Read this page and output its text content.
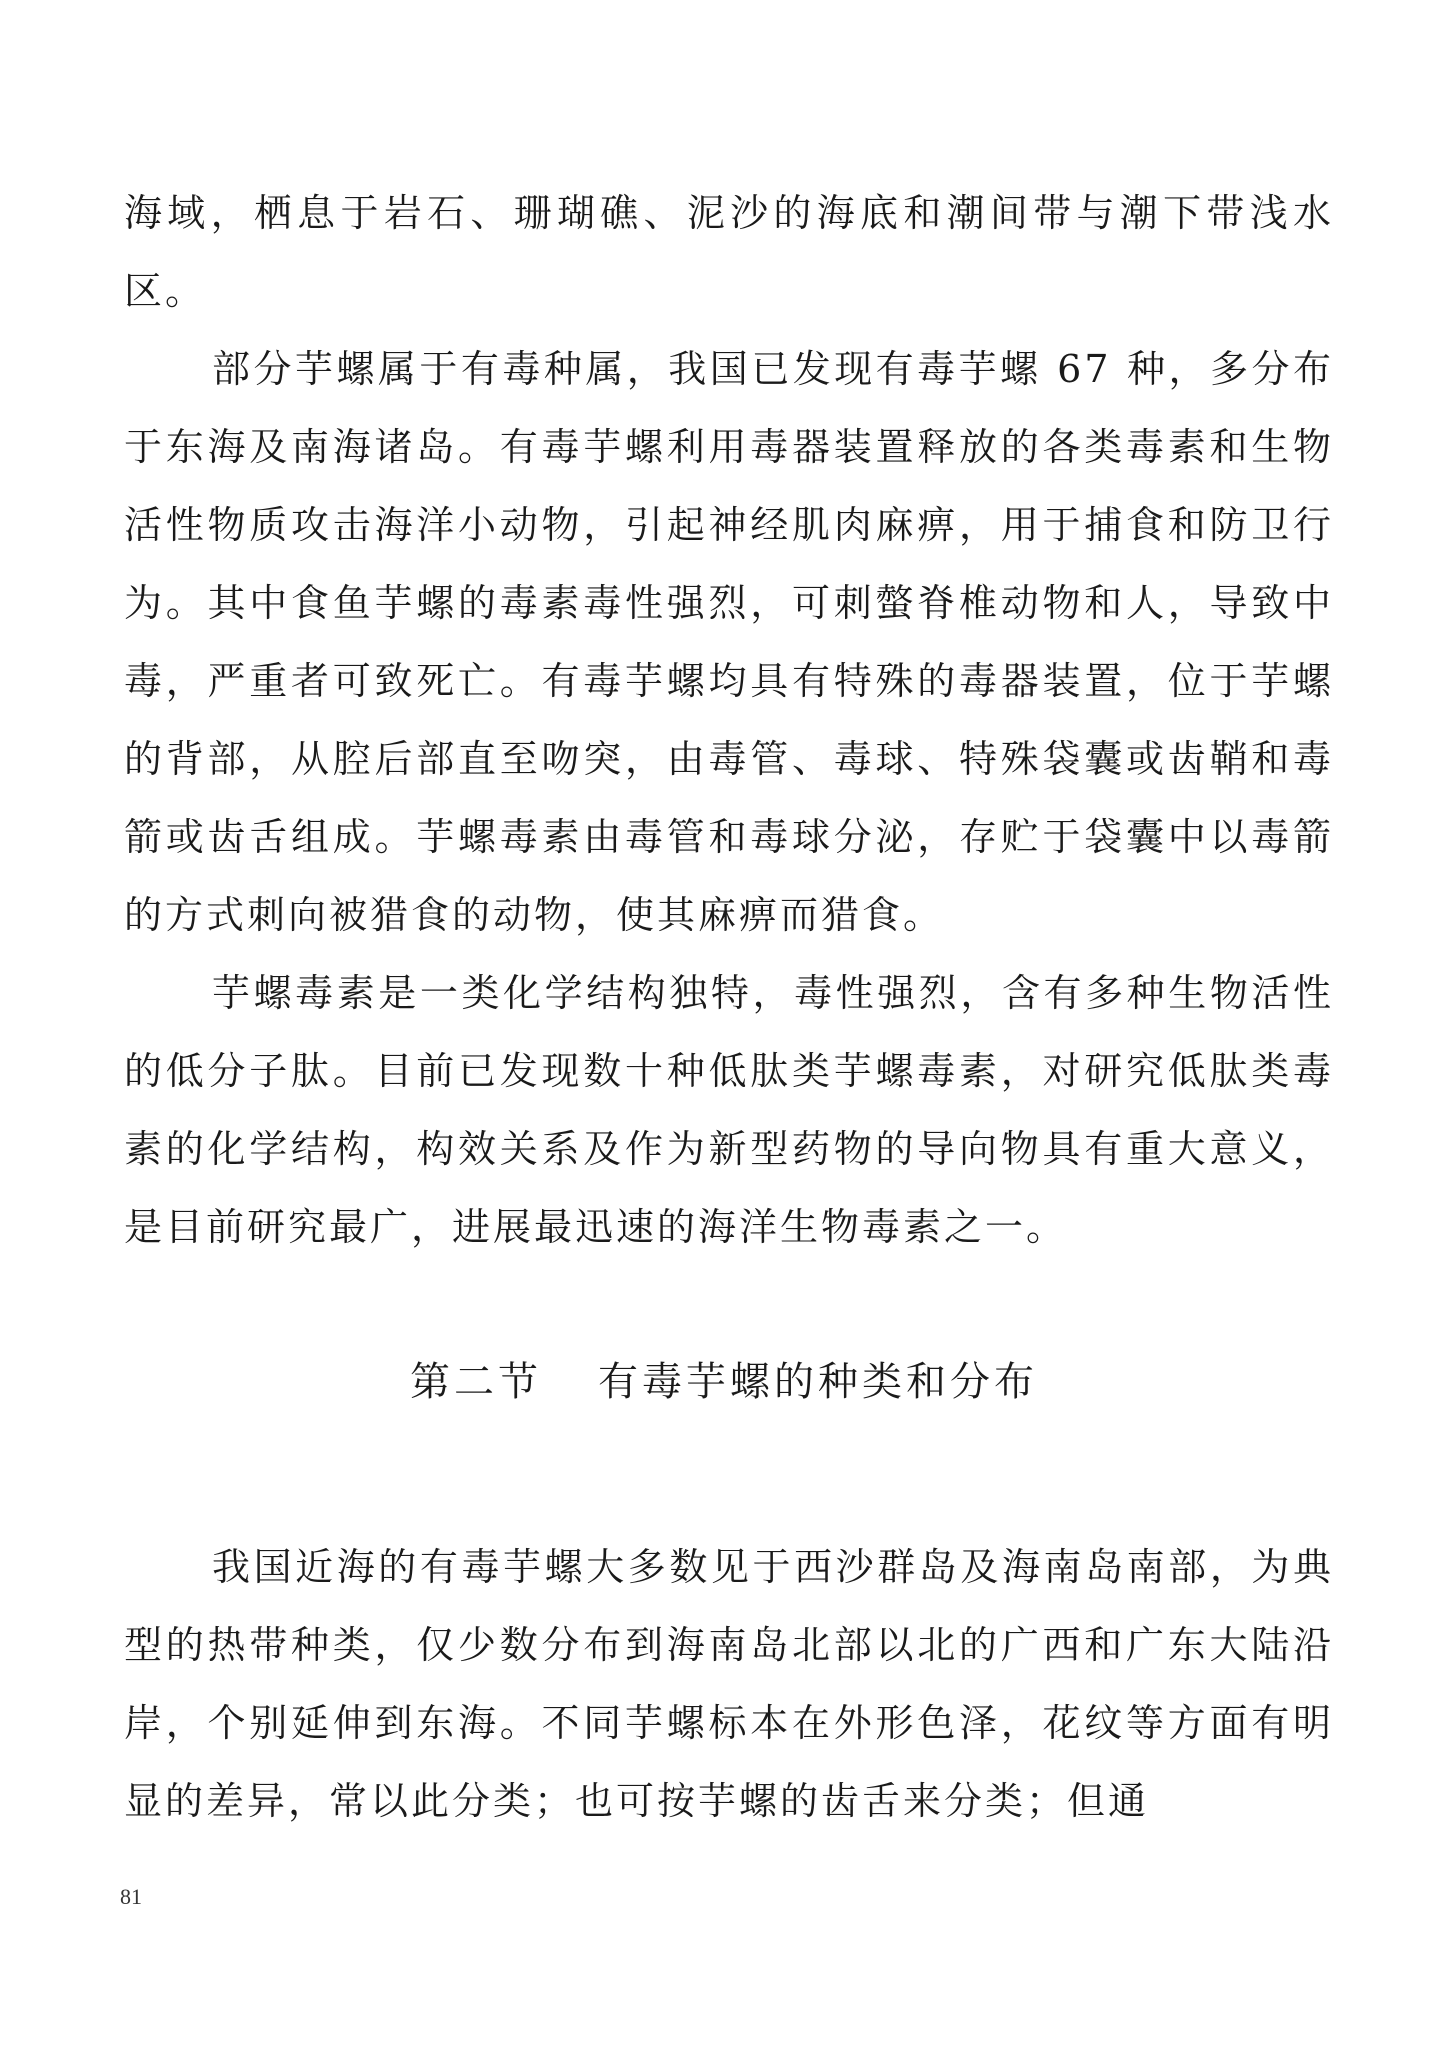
海域，栖息于岩石、珊瑚礁、泥沙的海底和潮间带与潮下带浅水区。

部分芋螺属于有毒种属，我国已发现有毒芋螺 67 种，多分布于东海及南海诸岛。有毒芋螺利用毒器装置释放的各类毒素和生物活性物质攻击海洋小动物，引起神经肌肉麻痹，用于捕食和防卫行为。其中食鱼芋螺的毒素毒性强烈，可刺螫脊椎动物和人，导致中毒，严重者可致死亡。有毒芋螺均具有特殊的毒器装置，位于芋螺的背部，从腔后部直至吻突，由毒管、毒球、特殊袋囊或齿鞘和毒箭或齿舌组成。芋螺毒素由毒管和毒球分泌，存贮于袋囊中以毒箭的方式刺向被猎食的动物，使其麻痹而猎食。

芋螺毒素是一类化学结构独特，毒性强烈，含有多种生物活性的低分子肽。目前已发现数十种低肽类芋螺毒素，对研究低肽类毒素的化学结构，构效关系及作为新型药物的导向物具有重大意义，是目前研究最广，进展最迅速的海洋生物毒素之一。

第二节 有毒芋螺的种类和分布

我国近海的有毒芋螺大多数见于西沙群岛及海南岛南部，为典型的热带种类，仅少数分布到海南岛北部以北的广西和广东大陆沿岸，个别延伸到东海。不同芋螺标本在外形色泽，花纹等方面有明显的差异，常以此分类；也可按芋螺的齿舌来分类；但通

81
